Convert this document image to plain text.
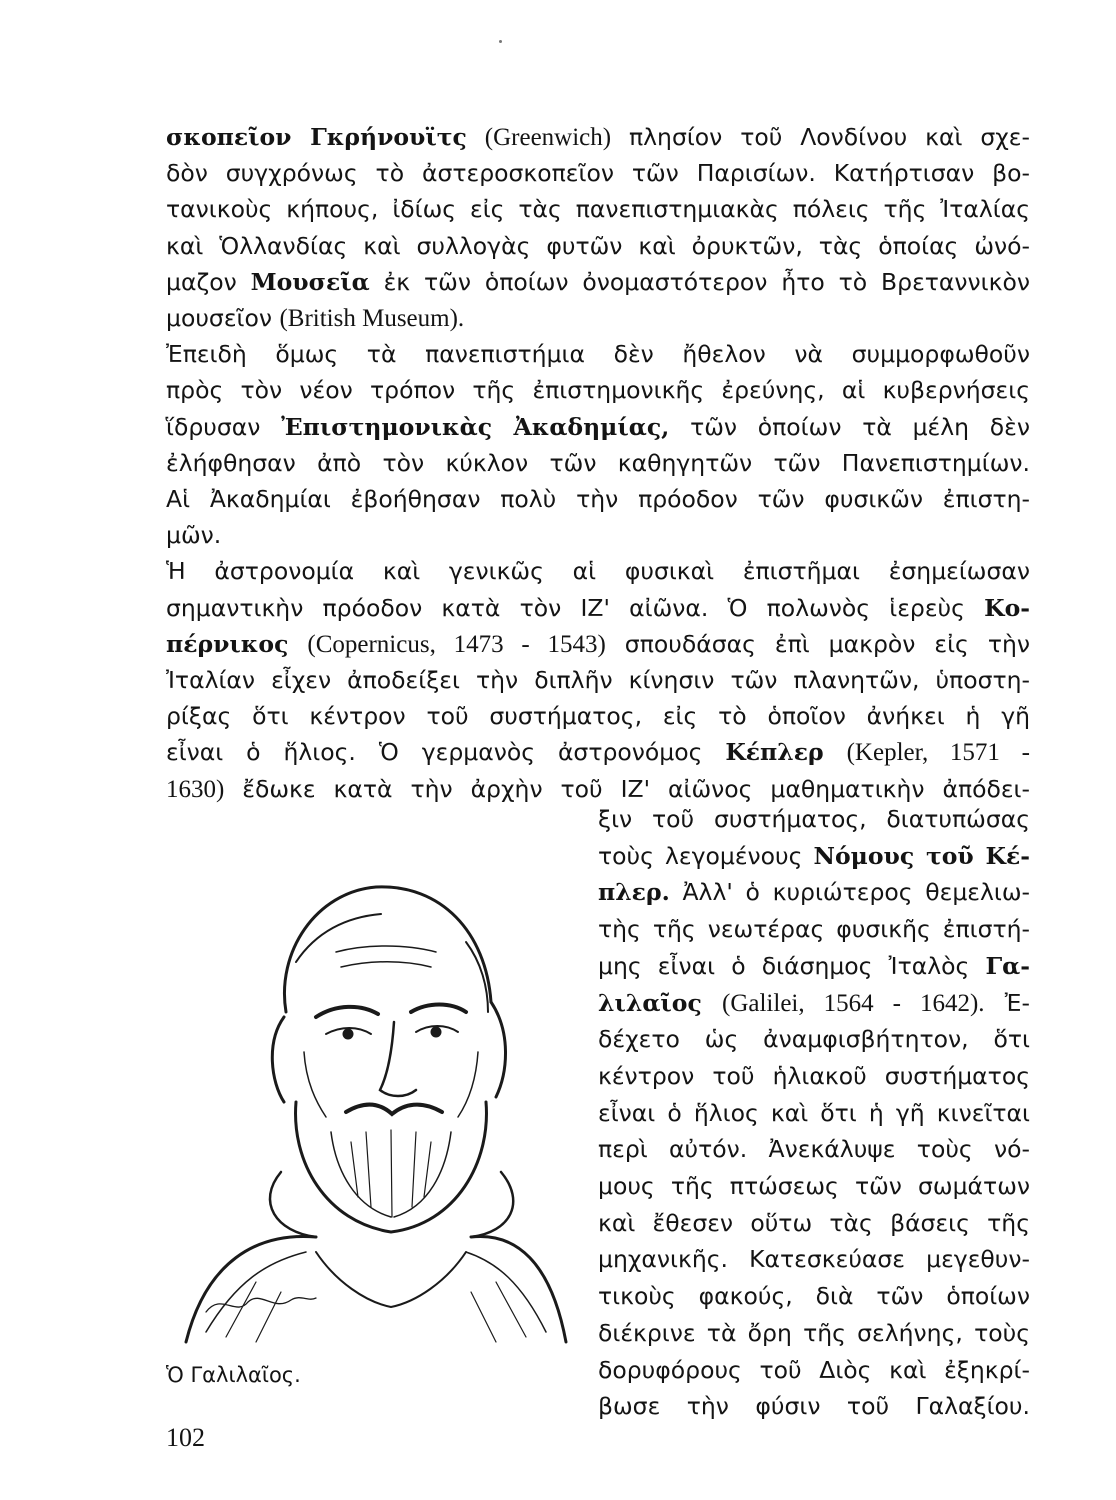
σκοπεῖον Γκρήνουϊτς (Greenwich) πλησίον τοῦ Λονδίνου καὶ σχε-
δὸν συγχρόνως τὸ ἀστεροσκοπεῖον τῶν Παρισίων. Κατήρτισαν βο-
τανικοὺς κήπους, ἰδίως εἰς τὰς πανεπιστημιακὰς πόλεις τῆς Ἰταλίας
καὶ Ὁλλανδίας καὶ συλλογὰς φυτῶν καὶ ὀρυκτῶν, τὰς ὁποίας ὠνό-
μαζον Μουσεῖα ἐκ τῶν ὁποίων ὀνομαστότερον ἦτο τὸ Βρεταννικὸν
μουσεῖον (British Museum).
Ἐπειδὴ ὅμως τὰ πανεπιστήμια δὲν ἤθελον νὰ συμμορφωθοῦν
πρὸς τὸν νέον τρόπον τῆς ἐπιστημονικῆς ἐρεύνης, αἱ κυβερνήσεις
ἵδρυσαν Ἐπιστημονικὰς Ἀκαδημίας, τῶν ὁποίων τὰ μέλη δὲν
ἐλήφθησαν ἀπὸ τὸν κύκλον τῶν καθηγητῶν τῶν Πανεπιστημίων.
Αἱ Ἀκαδημίαι ἐβοήθησαν πολὺ τὴν πρόοδον τῶν φυσικῶν ἐπιστη-
μῶν.
Ἡ ἀστρονομία καὶ γενικῶς αἱ φυσικαὶ ἐπιστῆμαι ἐσημείωσαν
σημαντικὴν πρόοδον κατὰ τὸν ΙΖ' αἰῶνα. Ὁ πολωνὸς ἱερεὺς Κο-
πέρνικος (Copernicus, 1473 - 1543) σπουδάσας ἐπὶ μακρὸν εἰς τὴν
Ἰταλίαν εἶχεν ἀποδείξει τὴν διπλῆν κίνησιν τῶν πλανητῶν, ὑποστη-
ρίξας ὅτι κέντρον τοῦ συστήματος, εἰς τὸ ὁποῖον ἀνήκει ἡ γῆ
εἶναι ὁ ἥλιος. Ὁ γερμανὸς ἀστρονόμος Κέπλερ (Kepler, 1571 -
1630) ἔδωκε κατὰ τὴν ἀρχὴν τοῦ ΙΖ' αἰῶνος μαθηματικὴν ἀπόδει-
ξιν τοῦ συστήματος, διατυπώσας
τοὺς λεγομένους Νόμους τοῦ Κέ-
πλερ. Ἀλλ' ὁ κυριώτερος θεμελιω-
τὴς τῆς νεωτέρας φυσικῆς ἐπιστή-
μης εἶναι ὁ διάσημος Ἰταλὸς Γα-
λιλαῖος (Galilei, 1564 - 1642). Ἐ-
δέχετο ὡς ἀναμφισβήτητον, ὅτι
κέντρον τοῦ ἡλιακοῦ συστήματος
εἶναι ὁ ἥλιος καὶ ὅτι ἡ γῆ κινεῖται
περὶ αὐτόν. Ἀνεκάλυψε τοὺς νό-
μους τῆς πτώσεως τῶν σωμάτων
καὶ ἔθεσεν οὕτω τὰς βάσεις τῆς
μηχανικῆς. Κατεσκεύασε μεγεθυν-
τικοὺς φακούς, διὰ τῶν ὁποίων
διέκρινε τὰ ὄρη τῆς σελήνης, τοὺς
δορυφόρους τοῦ Διὸς καὶ ἐξηκρί-
βωσε τὴν φύσιν τοῦ Γαλαξίου.
Ὁ Γαλιλαῖος.
102
